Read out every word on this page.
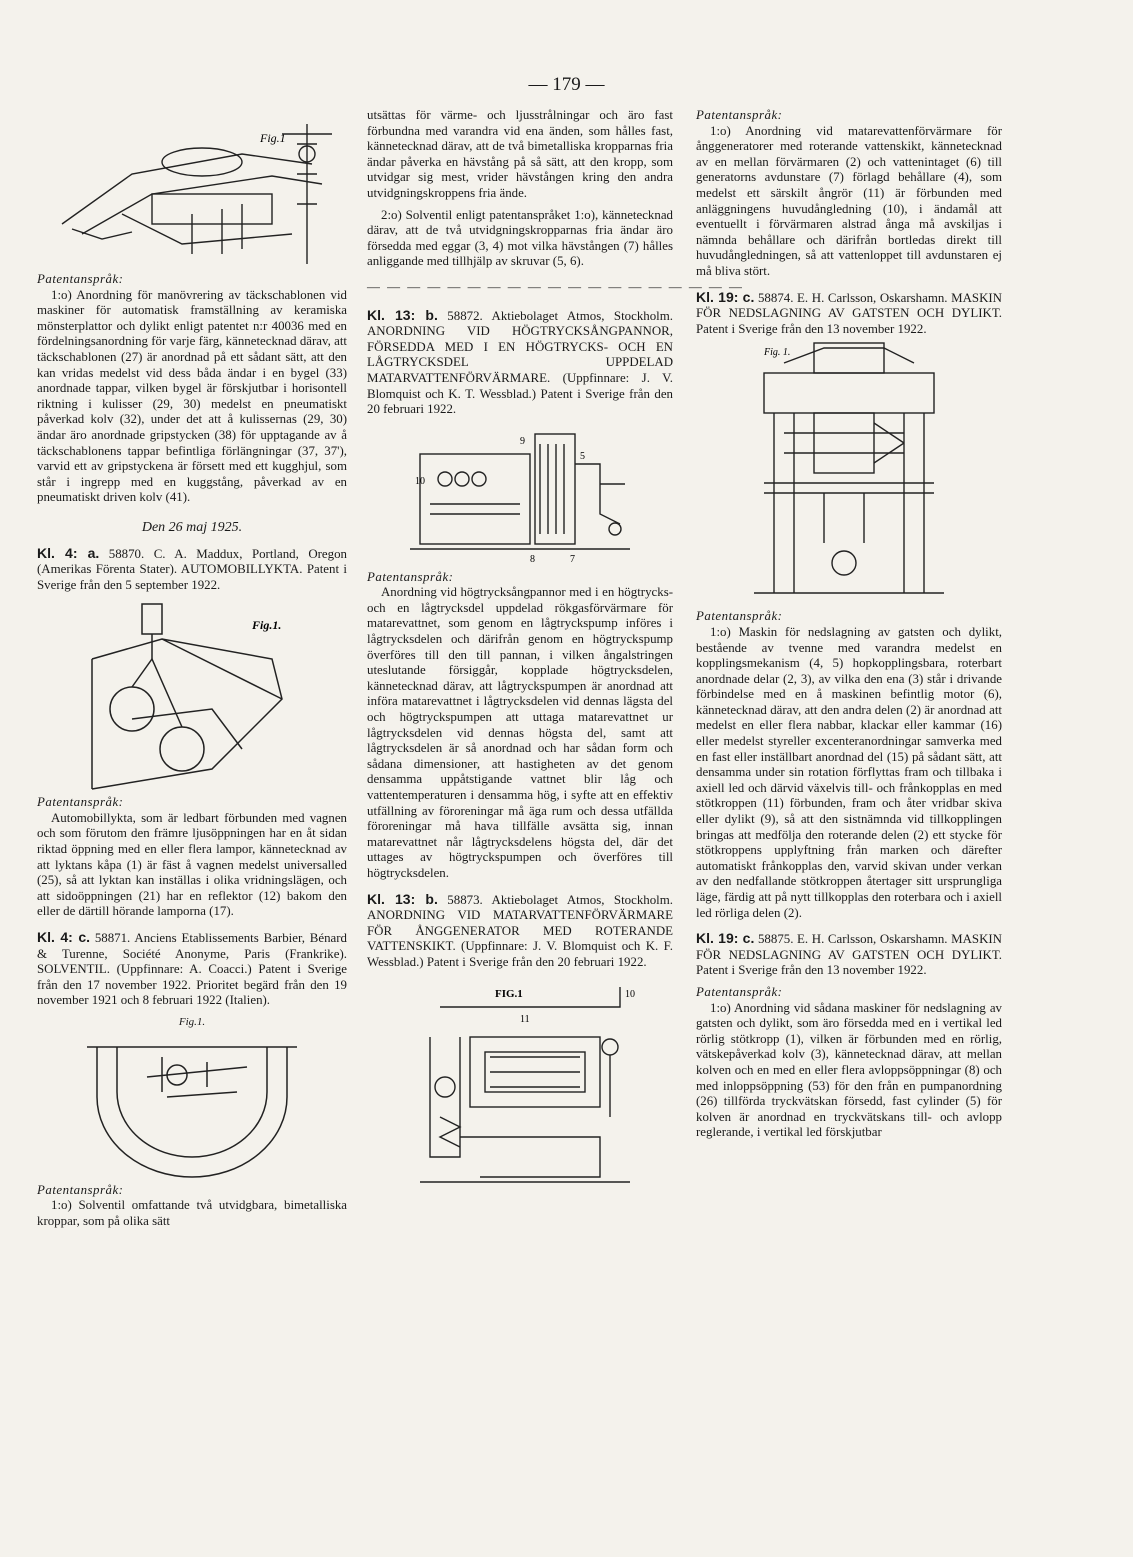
— 179 —
Fig.1

Patentanspråk:

1:o) Anordning för manövrering av täckschablonen vid maskiner för automatisk framställning av keramiska mönsterplattor och dylikt enligt patentet n:r 40036 med en fördelningsanordning för varje färg, kännetecknad därav, att täckschablonen (27) är anordnad på ett sådant sätt, att den kan vridas medelst vid dess båda ändar i en bygel (33) anordnade tappar, vilken bygel är förskjutbar i horisontell riktning i kulisser (29, 30) medelst en pneumatiskt påverkad kolv (32), under det att å kulissernas (29, 30) ändar äro anordnade gripstycken (38) för upptagande av å täckschablonens tappar befintliga förlängningar (37, 37'), varvid ett av gripstyckena är försett med ett kugghjul, som står i ingrepp med en kuggstång, påverkad av en pneumatiskt driven kolv (41).

Den 26 maj 1925.

Kl. 4: a. 58870. C. A. Maddux, Portland, Oregon (Amerikas Förenta Stater). AUTOMOBILLYKTA. Patent i Sverige från den 5 september 1922.

Fig.1.

Patentanspråk:

Automobillykta, som är ledbart förbunden med vagnen och som förutom den främre ljusöppningen har en åt sidan riktad öppning med en eller flera lampor, kännetecknad av att lyktans kåpa (1) är fäst å vagnen medelst universalled (25), så att lyktan kan inställas i olika vridningslägen, och att sidoöppningen (21) har en reflektor (12) bakom den eller de därtill hörande lamporna (17).

Kl. 4: c. 58871. Anciens Etablissements Barbier, Bénard & Turenne, Société Anonyme, Paris (Frankrike). SOLVENTIL. (Uppfinnare: A. Coacci.) Patent i Sverige från den 17 november 1922. Prioritet begärd från den 19 november 1921 och 8 februari 1922 (Italien).

Fig.1.

Patentanspråk:

1:o) Solventil omfattande två utvidgbara, bimetalliska kroppar, som på olika sätt

utsättas för värme- och ljusstrålningar och äro fast förbundna med varandra vid ena änden, som hålles fast, kännetecknad därav, att de två bimetalliska kropparnas fria ändar påverka en hävstång på så sätt, att den kropp, som utvidgar sig mest, vrider hävstången kring den andra utvidgningskroppens fria ände.

2:o) Solventil enligt patentanspråket 1:o), kännetecknad därav, att de två utvidgningskropparnas fria ändar äro försedda med eggar (3, 4) mot vilka hävstången (7) hålles anliggande med tillhjälp av skruvar (5, 6).

— — — — — — — — — — — — — — — — — — —

Kl. 13: b. 58872. Aktiebolaget Atmos, Stockholm. ANORDNING VID HÖGTRYCKSÅNGPANNOR, FÖRSEDDA MED I EN HÖGTRYCKS- OCH EN LÅGTRYCKSDEL UPPDELAD MATARVATTENFÖRVÄRMARE. (Uppfinnare: J. V. Blomquist och K. T. Wessblad.) Patent i Sverige från den 20 februari 1922.

10
9
5
8	7

Patentanspråk:

Anordning vid högtrycksångpannor med i en högtrycks- och en lågtrycksdel uppdelad rökgasförvärmare för matarevattnet, som genom en lågtryckspump införes i lågtrycksdelen och därifrån genom en högtryckspump överföres till den till pannan, i vilken ångalstringen uteslutande försiggår, kopplade högtrycksdelen, kännetecknad därav, att lågtryckspumpen är anordnad att införa matarevattnet i lågtrycksdelen vid dennas lägsta del och högtryckspumpen att uttaga matarevattnet ur lågtrycksdelen vid dennas högsta del, samt att lågtrycksdelen är så anordnad och har sådan form och sådana dimensioner, att hastigheten av det genom densamma uppåtstigande vattnet blir låg och vattentemperaturen i densamma hög, i syfte att en effektiv utfällning av föroreningar må äga rum och dessa utfällda föroreningar må hava tillfälle avsätta sig, innan matarevattnet når lågtrycksdelens högsta del, där det uttages av högtryckspumpen och överföres till högtrycksdelen.

Kl. 13: b. 58873. Aktiebolaget Atmos, Stockholm. ANORDNING VID MATARVATTENFÖRVÄRMARE FÖR ÅNGGENERATOR MED ROTERANDE VATTENSKIKT. (Uppfinnare: J. V. Blomquist och K. F. Wessblad.) Patent i Sverige från den 20 februari 1922.

FIG.1	10
11

Patentanspråk:

1:o) Anordning vid matarevattenförvärmare för ånggeneratorer med roterande vattenskikt, kännetecknad av en mellan förvärmaren (2) och vattenintaget (6) till generatorns avdunstare (7) förlagd behållare (4), som medelst ett särskilt ångrör (11) är förbunden med anläggningens huvudångledning (10), i ändamål att eventuellt i förvärmaren alstrad ånga må avskiljas i nämnda behållare och därifrån bortledas direkt till huvudångledningen, så att vattenloppet till avdunstaren ej må bliva stört.

Kl. 19: c. 58874. E. H. Carlsson, Oskarshamn. MASKIN FÖR NEDSLAGNING AV GATSTEN OCH DYLIKT. Patent i Sverige från den 13 november 1922.

Fig. 1.

Patentanspråk:

1:o) Maskin för nedslagning av gatsten och dylikt, bestående av tvenne med varandra medelst en kopplingsmekanism (4, 5) hopkopplingsbara, roterbart anordnade delar (2, 3), av vilka den ena (3) står i drivande förbindelse med en å maskinen befintlig motor (6), kännetecknad därav, att den andra delen (2) är anordnad att medelst en eller flera nabbar, klackar eller kammar (16) eller medelst styreller excenteranordningar samverka med en fast eller inställbart anordnad del (15) på sådant sätt, att densamma under sin rotation förflyttas fram och tillbaka i axiell led och därvid växelvis till- och frånkopplas en med stötkroppen (11) förbunden, fram och åter vridbar skiva eller dylikt (9), så att den sistnämnda vid tillkopplingen bringas att medfölja den roterande delen (2) ett stycke för stötkroppens upplyftning från marken och därefter automatiskt frånkopplas den, varvid skivan under verkan av den nedfallande stötkroppen återtager sitt ursprungliga läge, färdig att på nytt tillkopplas den roterbara och i axiell led rörliga delen (2).

Kl. 19: c. 58875. E. H. Carlsson, Oskarshamn. MASKIN FÖR NEDSLAGNING AV GATSTEN OCH DYLIKT. Patent i Sverige från den 13 november 1922.

Patentanspråk:

1:o) Anordning vid sådana maskiner för nedslagning av gatsten och dylikt, som äro försedda med en i vertikal led rörlig stötkropp (1), vilken är förbunden med en rörlig, vätskepåverkad kolv (3), kännetecknad därav, att mellan kolven och en med en eller flera avloppsöppningar (8) och med inloppsöppning (53) för den från en pumpanordning (26) tillförda tryckvätskan försedd, fast cylinder (5) för kolven är anordnad en tryckvätskans till- och avlopp reglerande, i vertikal led förskjutbar
